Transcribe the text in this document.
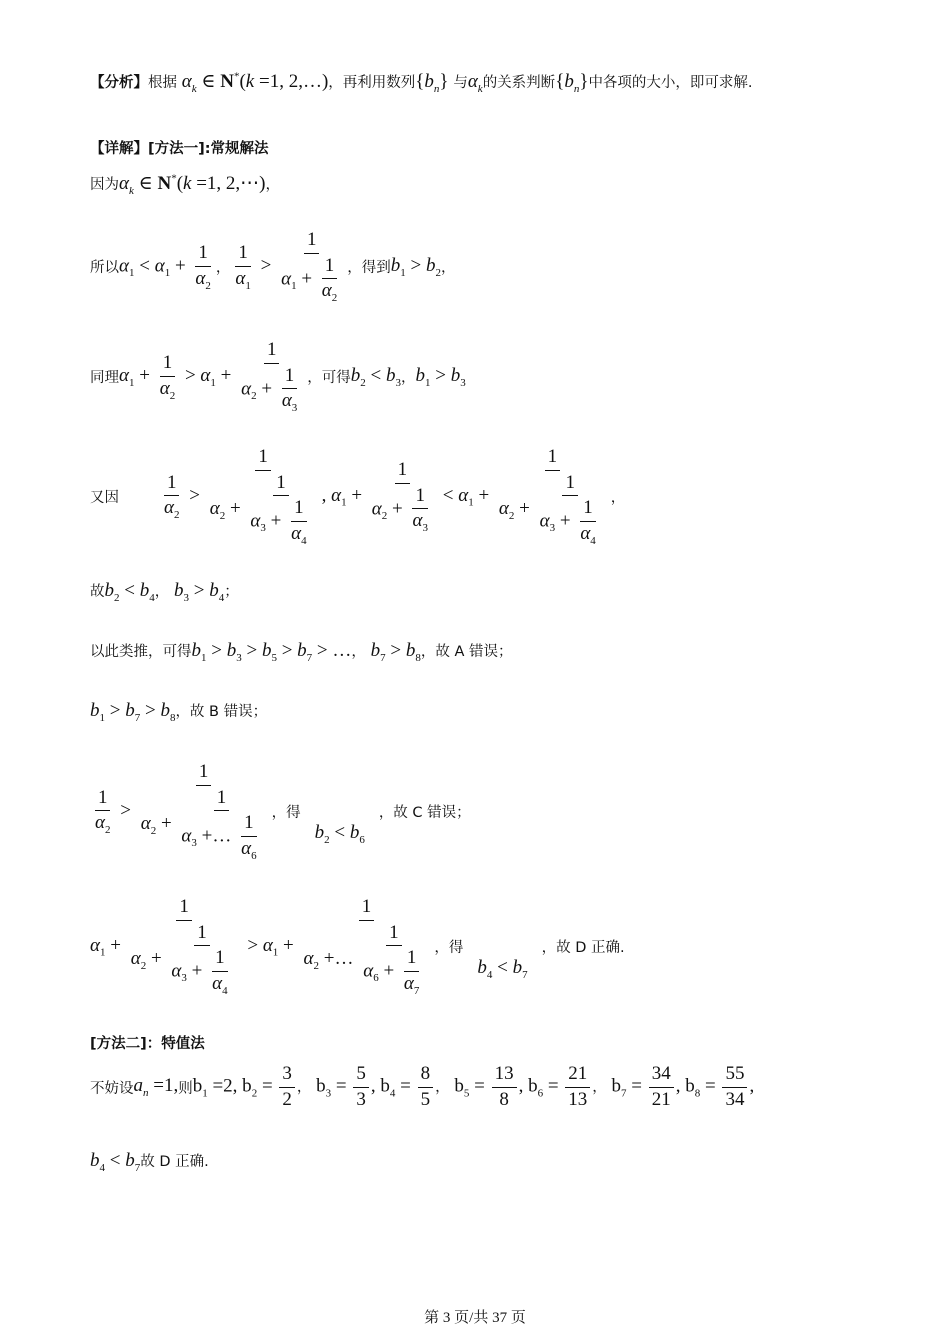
【分析】根据 $\alpha_k$ ∈ N*(k =1, 2,…)，再利用数列$\{b_n\}$ 与$\alpha_k$的关系判断$\{b_n\}$中各项的大小，即可求解.
【详解】[方法一]:常规解法
因为$\alpha_k$ ∈ N*(k =1, 2,⋯)，
所以 $\alpha_1 < \alpha_1 + \frac{1}{\alpha_2}$ ， $\frac{1}{\alpha_1} > \frac{1}{\alpha_1 + \frac{1}{\alpha_2}}$ ，得到 $b_1 > b_2$ ，
同理 $\alpha_1 + \frac{1}{\alpha_2} > \alpha_1 + \frac{1}{\alpha_2 + \frac{1}{\alpha_3}}$ ，可得 $b_2 < b_3$ ， $b_1 > b_3$
又因 $\frac{1}{\alpha_2} > \frac{1}{\alpha_2 + \frac{1}{\alpha_3 + \frac{1}{\alpha_4}}}$ , $\alpha_1 + \frac{1}{\alpha_2 + \frac{1}{\alpha_3}} < \alpha_1 + \frac{1}{\alpha_2 + \frac{1}{\alpha_3 + \frac{1}{\alpha_4}}}$ ，
故$b_2 < b_4$， $b_3 > b_4$；
以此类推，可得$b_1 > b_3 > b_5 > b_7$ > …， $b_7 > b_8$，故 A 错误；
$b_1 > b_7 > b_8$，故 B 错误；
$\frac{1}{\alpha_2} > \frac{1}{\alpha_2 + \frac{1}{\alpha_3 +\dots \frac{1}{\alpha_6}}}$ ，得
$b_2 < b_6$
，故 C 错误；
$\alpha_1 + \frac{1}{\alpha_2 + \frac{1}{\alpha_3 + \frac{1}{\alpha_4}}} > \alpha_1 + \frac{1}{\alpha_2 +\dots \frac{1}{\alpha_6 + \frac{1}{\alpha_7}}}$ ，得
$b_4 < b_7$
，故 D 正确.
[方法二]：特值法
不妨设 $a_n =1$, 则 $b_1 =2$, $b_2 = \frac{3}{2}$ ， $b_3 = \frac{5}{3}$ , $b_4 = \frac{8}{5}$ ， $b_5 = \frac{13}{8}$ , $b_6 = \frac{21}{13}$ ， $b_7 = \frac{34}{21}$ , $b_8 = \frac{55}{34}$ ,
$b_4 < b_7$故 D 正确.
第 3 页/共 37 页
